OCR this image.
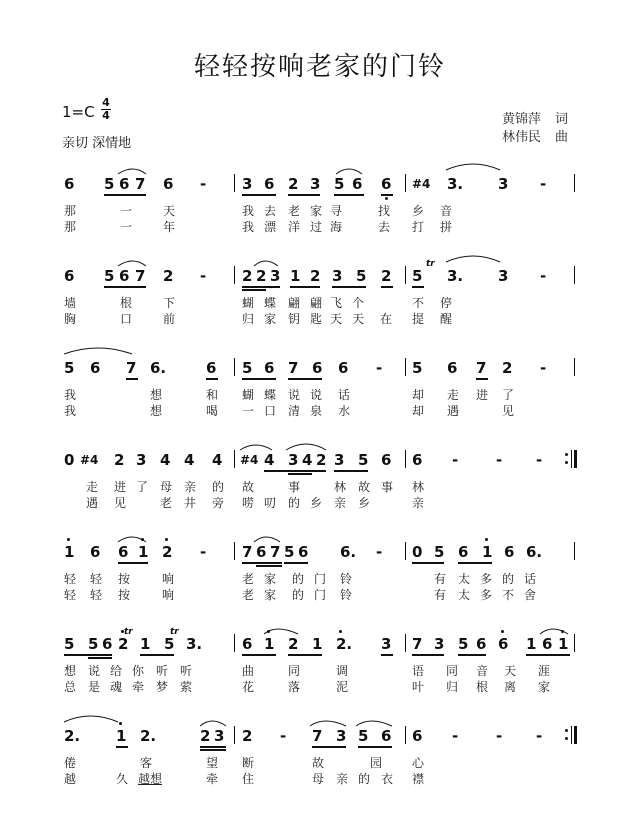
轻轻按响老家的门铃
1=C
4
4
亲切 深情地
黄锦萍 词
林伟民 曲
6 5 6 7 6 - 3 6 2 3 5 6 6 #4 3. 3 -
那	一	天	我 去 老 家 寻	找 乡 音
那	一	年	我 漂 洋 过 海	去 打 拼
6 5 6 7 2 - 2 2 3 1 2 3 5 2 5 3. 3 -
tr
墙	根	下	蝴 蝶 翩 翩 飞 个	不 停
胸	口	前	归 家 钥 匙 天 天 在 提 醒
5 6 7 6.	6 5 6 7 6 6 - 5 6 7 2 -
我	想	和 蝴 蝶 说 说 话	却 走 进 了
我	想	喝 一 口 清 泉 水	却 遇	见
0 #4 2 3 4 4 4 #4 4 3 4 2 3 5 6 6 -	- -
走 进 了 母 亲 的 故	事	林 故 事 林
遇 见	老 井 旁 唠 叨 的 乡 亲 乡	亲
1 6 6 1 2 - 7 6 7 5 6 6. - 0 5 6 1 6 6.
轻 轻 按	响	老 家 的 门 铃	有 太 多 的 话
轻 轻 按	响	老 家 的 门 铃	有 太 多 不 舍
5 5 6 2 1 5 3.	6 1 2 1 2. 3 7 3 5 6 6 1 6 1
tr	tr
想 说 给 你 听 听	曲	同	调	语 同 音 天 涯
总 是 魂 牵 梦 萦	花	落	泥	叶 归 根 离 家
2. 1 2.	2 3 2 - 7 3 5 6 6 -	- -
倦	客	望 断	故	园 心
越	久 越想	牵 住	母 亲 的 衣 襟
